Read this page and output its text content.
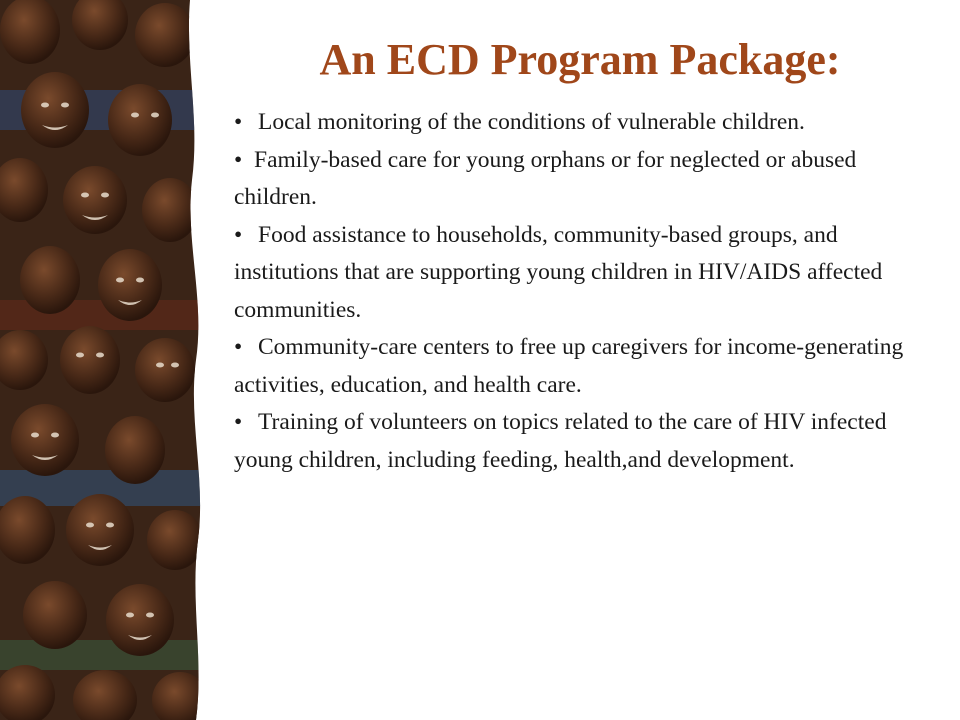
An ECD Program Package:
• Local monitoring of the conditions of vulnerable children.
• Family-based care for young orphans or for neglected or abused children.
• Food assistance to households, community-based groups, and institutions that are supporting young children in HIV/AIDS affected communities.
• Community-care centers to free up caregivers for income-generating activities, education, and health care.
• Training of volunteers on topics related to the care of HIV infected young children, including feeding, health,and development.
